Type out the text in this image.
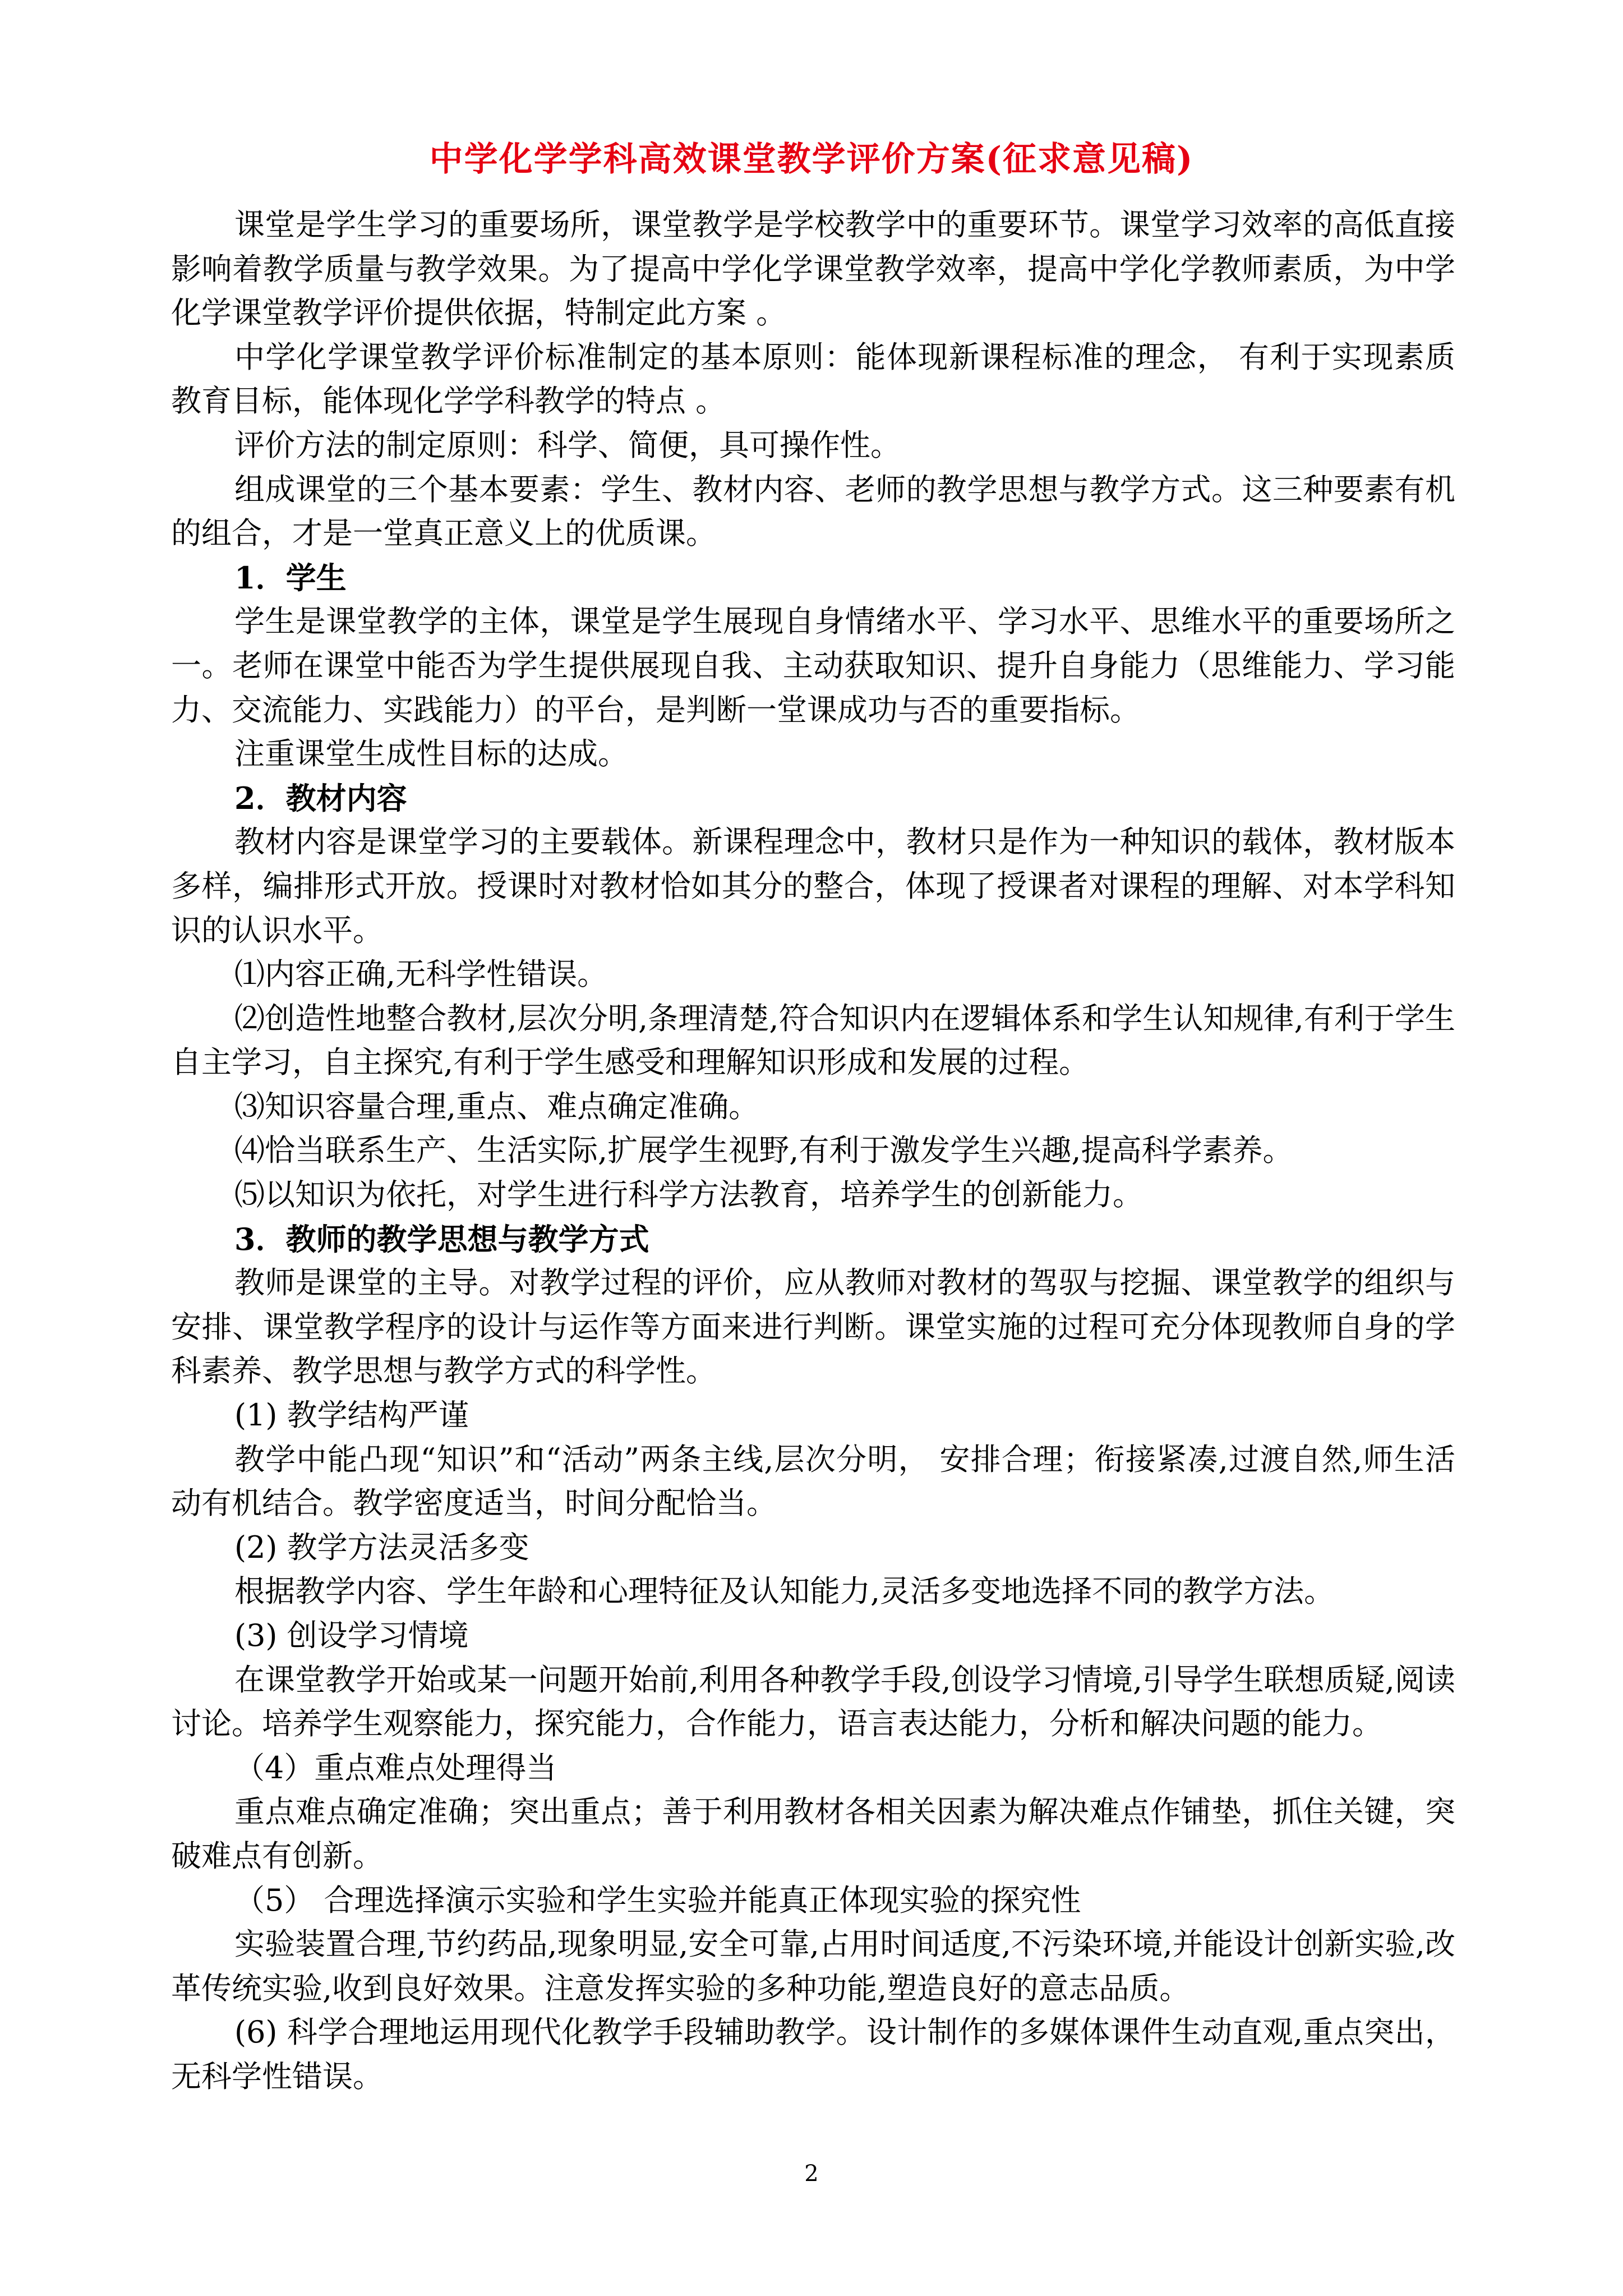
中学化学学科高效课堂教学评价方案(征求意见稿)

课堂是学生学习的重要场所，课堂教学是学校教学中的重要环节。课堂学习效率的高低直接影响着教学质量与教学效果。为了提高中学化学课堂教学效率，提高中学化学教师素质，为中学化学课堂教学评价提供依据，特制定此方案 。

中学化学课堂教学评价标准制定的基本原则：能体现新课程标准的理念， 有利于实现素质教育目标，能体现化学学科教学的特点 。

评价方法的制定原则：科学、简便，具可操作性。

组成课堂的三个基本要素：学生、教材内容、老师的教学思想与教学方式。这三种要素有机的组合，才是一堂真正意义上的优质课。

1．学生

学生是课堂教学的主体，课堂是学生展现自身情绪水平、学习水平、思维水平的重要场所之一。老师在课堂中能否为学生提供展现自我、主动获取知识、提升自身能力（思维能力、学习能力、交流能力、实践能力）的平台，是判断一堂课成功与否的重要指标。

注重课堂生成性目标的达成。

2．教材内容

教材内容是课堂学习的主要载体。新课程理念中，教材只是作为一种知识的载体，教材版本多样，编排形式开放。授课时对教材恰如其分的整合，体现了授课者对课程的理解、对本学科知识的认识水平。

⑴内容正确,无科学性错误。

⑵创造性地整合教材,层次分明,条理清楚,符合知识内在逻辑体系和学生认知规律,有利于学生自主学习，自主探究,有利于学生感受和理解知识形成和发展的过程。

⑶知识容量合理,重点、难点确定准确。

⑷恰当联系生产、生活实际,扩展学生视野,有利于激发学生兴趣,提高科学素养。

⑸以知识为依托，对学生进行科学方法教育，培养学生的创新能力。

3．教师的教学思想与教学方式

教师是课堂的主导。对教学过程的评价，应从教师对教材的驾驭与挖掘、课堂教学的组织与安排、课堂教学程序的设计与运作等方面来进行判断。课堂实施的过程可充分体现教师自身的学科素养、教学思想与教学方式的科学性。

(1) 教学结构严谨

教学中能凸现“知识”和“活动”两条主线,层次分明， 安排合理；衔接紧凑,过渡自然,师生活动有机结合。教学密度适当，时间分配恰当。

(2) 教学方法灵活多变

根据教学内容、学生年龄和心理特征及认知能力,灵活多变地选择不同的教学方法。

(3) 创设学习情境

在课堂教学开始或某一问题开始前,利用各种教学手段,创设学习情境,引导学生联想质疑,阅读讨论。培养学生观察能力，探究能力，合作能力，语言表达能力，分析和解决问题的能力。

（4）重点难点处理得当

重点难点确定准确；突出重点；善于利用教材各相关因素为解决难点作铺垫，抓住关键，突破难点有创新。

（5） 合理选择演示实验和学生实验并能真正体现实验的探究性

实验装置合理,节约药品,现象明显,安全可靠,占用时间适度,不污染环境,并能设计创新实验,改革传统实验,收到良好效果。注意发挥实验的多种功能,塑造良好的意志品质。

(6) 科学合理地运用现代化教学手段辅助教学。设计制作的多媒体课件生动直观,重点突出，无科学性错误。

2
